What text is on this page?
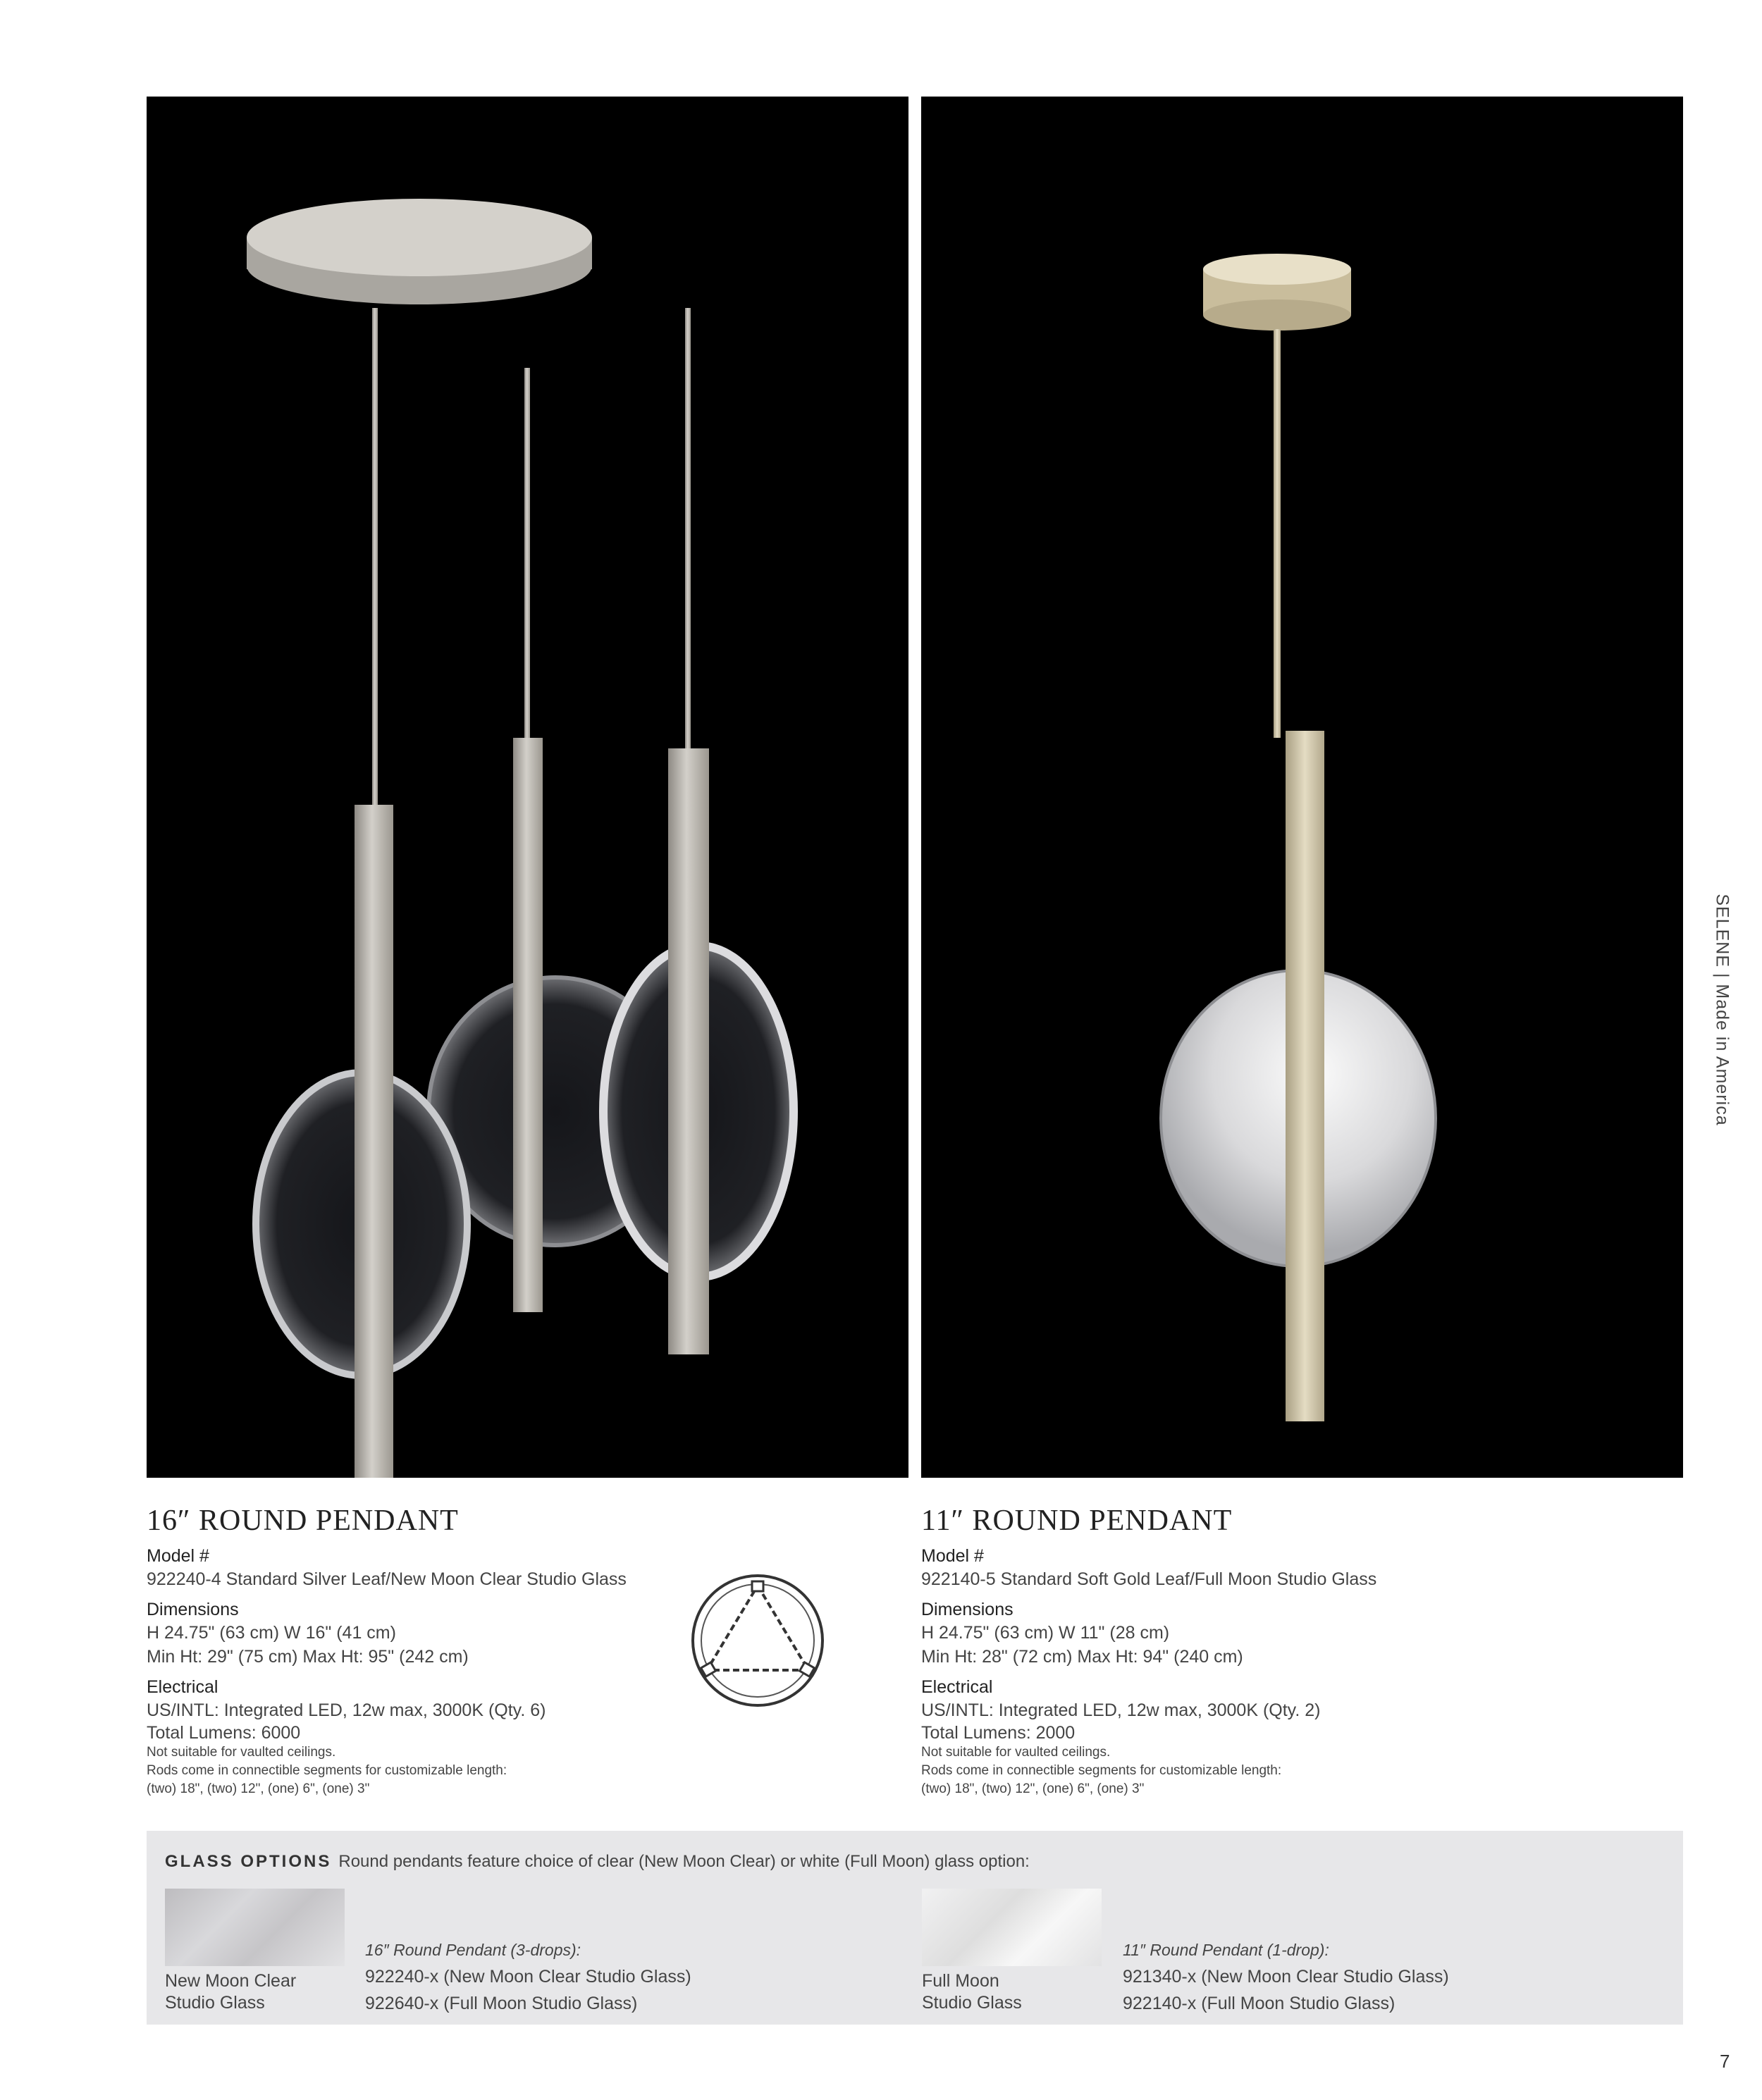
16″ ROUND PENDANT
Model #
922240-4 Standard Silver Leaf/New Moon Clear Studio Glass
Dimensions
H 24.75" (63 cm) W 16" (41 cm)
Min Ht: 29" (75 cm) Max Ht: 95" (242 cm)
Electrical
US/INTL: Integrated LED, 12w max, 3000K (Qty. 6)
Total Lumens: 6000
Not suitable for vaulted ceilings.
Rods come in connectible segments for customizable length:
(two) 18", (two) 12", (one) 6", (one) 3"
11″ ROUND PENDANT
Model #
922140-5 Standard Soft Gold Leaf/Full Moon Studio Glass
Dimensions
H 24.75" (63 cm) W 11" (28 cm)
Min Ht: 28" (72 cm) Max Ht: 94" (240 cm)
Electrical
US/INTL: Integrated LED, 12w max, 3000K (Qty. 2)
Total Lumens: 2000
Not suitable for vaulted ceilings.
Rods come in connectible segments for customizable length:
(two) 18", (two) 12", (one) 6", (one) 3"
SELENE | Made in America
GLASS OPTIONS Round pendants feature choice of clear (New Moon Clear) or white (Full Moon) glass option:
New Moon Clear
Studio Glass
16″ Round Pendant (3-drops):
922240-x (New Moon Clear Studio Glass)
922640-x (Full Moon Studio Glass)
Full Moon
Studio Glass
11″ Round Pendant (1-drop):
921340-x (New Moon Clear Studio Glass)
922140-x (Full Moon Studio Glass)
7
